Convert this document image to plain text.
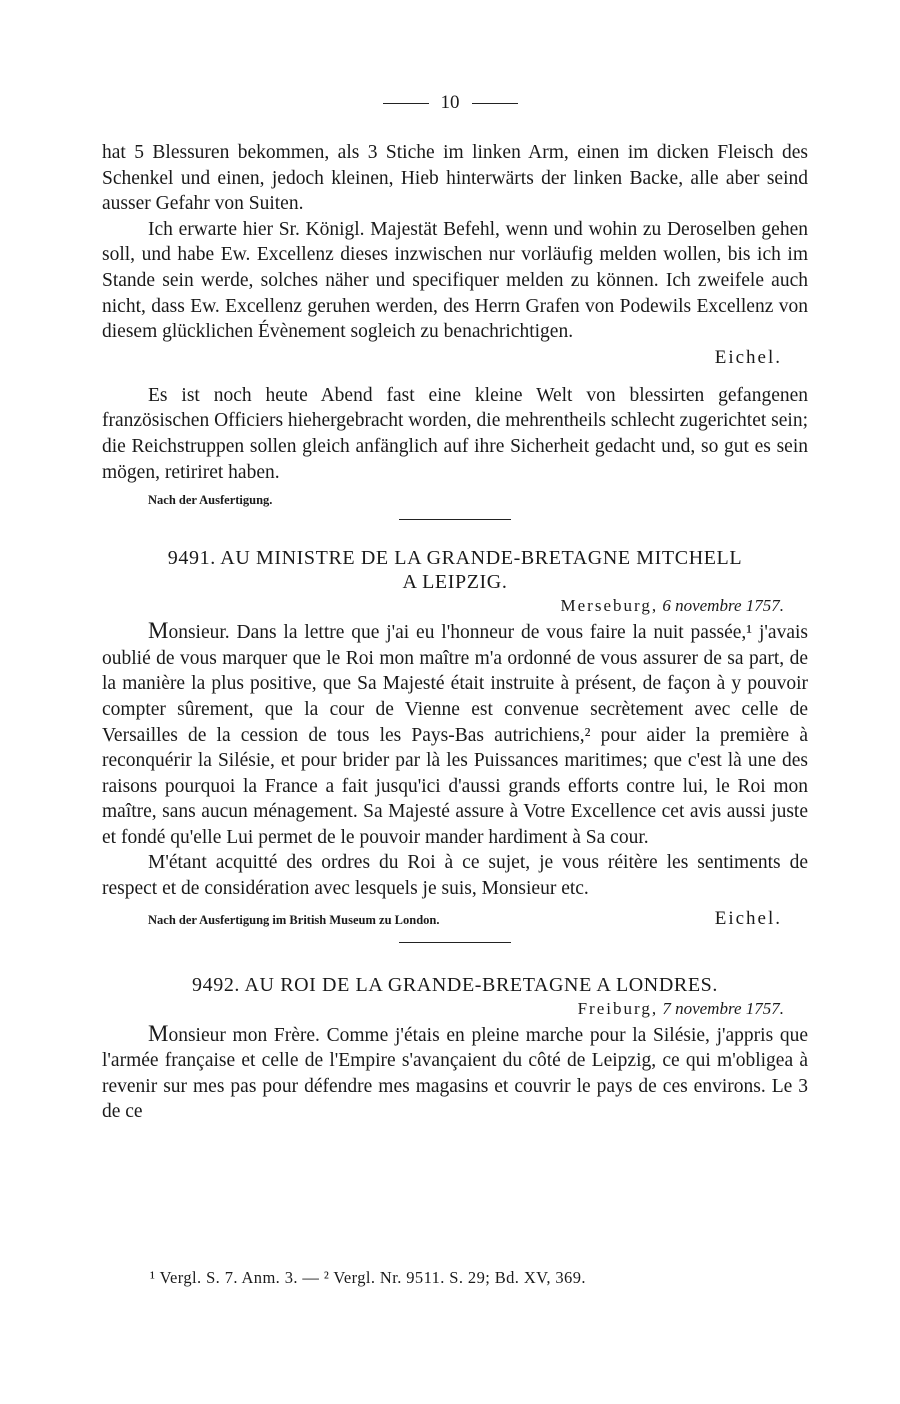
10

hat 5 Blessuren bekommen, als 3 Stiche im linken Arm, einen im dicken Fleisch des Schenkel und einen, jedoch kleinen, Hieb hinterwärts der linken Backe, alle aber seind ausser Gefahr von Suiten.

Ich erwarte hier Sr. Königl. Majestät Befehl, wenn und wohin zu Deroselben gehen soll, und habe Ew. Excellenz dieses inzwischen nur vorläufig melden wollen, bis ich im Stande sein werde, solches näher und specifiquer melden zu können. Ich zweifele auch nicht, dass Ew. Excellenz geruhen werden, des Herrn Grafen von Podewils Excellenz von diesem glücklichen Évènement sogleich zu benachrichtigen.

Eichel.

Es ist noch heute Abend fast eine kleine Welt von blessirten gefangenen französischen Officiers hiehergebracht worden, die mehrentheils schlecht zugerichtet sein; die Reichstruppen sollen gleich anfänglich auf ihre Sicherheit gedacht und, so gut es sein mögen, retiriret haben.

Nach der Ausfertigung.
9491. AU MINISTRE DE LA GRANDE-BRETAGNE MITCHELL
A LEIPZIG.
Merseburg, 6 novembre 1757.

Monsieur. Dans la lettre que j'ai eu l'honneur de vous faire la nuit passée,¹ j'avais oublié de vous marquer que le Roi mon maître m'a ordonné de vous assurer de sa part, de la manière la plus positive, que Sa Majesté était instruite à présent, de façon à y pouvoir compter sûrement, que la cour de Vienne est convenue secrètement avec celle de Versailles de la cession de tous les Pays-Bas autrichiens,² pour aider la première à reconquérir la Silésie, et pour brider par là les Puissances maritimes; que c'est là une des raisons pourquoi la France a fait jusqu'ici d'aussi grands efforts contre lui, le Roi mon maître, sans aucun ménagement. Sa Majesté assure à Votre Excellence cet avis aussi juste et fondé qu'elle Lui permet de le pouvoir mander hardiment à Sa cour.

M'étant acquitté des ordres du Roi à ce sujet, je vous réitère les sentiments de respect et de considération avec lesquels je suis, Monsieur etc.

Nach der Ausfertigung im British Museum zu London.	Eichel.
9492. AU ROI DE LA GRANDE-BRETAGNE A LONDRES.
Freiburg, 7 novembre 1757.

Monsieur mon Frère. Comme j'étais en pleine marche pour la Silésie, j'appris que l'armée française et celle de l'Empire s'avançaient du côté de Leipzig, ce qui m'obligea à revenir sur mes pas pour défendre mes magasins et couvrir le pays de ces environs. Le 3 de ce

¹ Vergl. S. 7. Anm. 3. — ² Vergl. Nr. 9511. S. 29; Bd. XV, 369.
